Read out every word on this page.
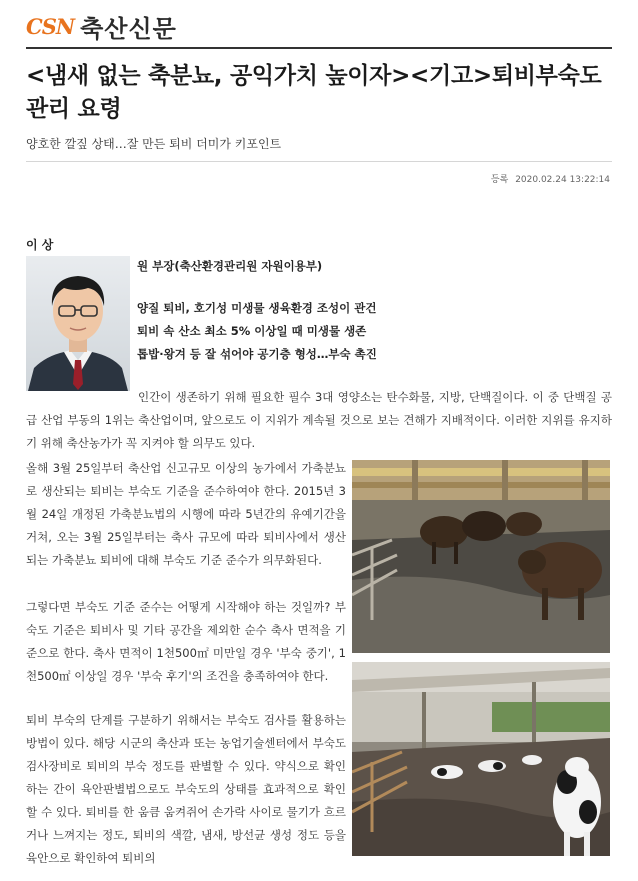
CSN 축산신문
<냄새 없는 축분뇨, 공익가치 높이자><기고>퇴비부숙도 관리 요령
양호한 깔짚 상태…잘 만든 퇴비 더미가 키포인트
등록 2020.02.24 13:22:14
이 상
원 부장(축산환경관리원 자원이용부)
양질 퇴비, 호기성 미생물 생육환경 조성이 관건
퇴비 속 산소 최소 5% 이상일 때 미생물 생존
톱밥·왕겨 등 잘 섞어야 공기층 형성…부숙 촉진

인간이 생존하기 위해 필요한 필수 3대 영양소는 탄수화물, 지방, 단백질이다. 이 중 단백질 공급 산업 부동의 1위는 축산업이며, 앞으로도 이 지위가 계속될 것으로 보는 견해가 지배적이다. 이러한 지위를 유지하기 위해 축산농가가 꼭 지켜야 할 의무도 있다.

올해 3월 25일부터 축산업 신고규모 이상의 농가에서 가축분뇨로 생산되는 퇴비는 부숙도 기준을 준수하여야 한다. 2015년 3월 24일 개정된 가축분뇨법의 시행에 따라 5년간의 유예기간을 거쳐, 오는 3월 25일부터는 축사 규모에 따라 퇴비사에서 생산되는 가축분뇨 퇴비에 대해 부숙도 기준 준수가 의무화된다.

그렇다면 부숙도 기준 준수는 어떻게 시작해야 하는 것일까? 부숙도 기준은 퇴비사 및 기타 공간을 제외한 순수 축사 면적을 기준으로 한다. 축사 면적이 1천500㎡ 미만일 경우 '부숙 중기', 1천500㎡ 이상일 경우 '부숙 후기'의 조건을 충족하여야 한다.

퇴비 부숙의 단계를 구분하기 위해서는 부숙도 검사를 활용하는 방법이 있다. 해당 시군의 축산과 또는 농업기술센터에서 부숙도 검사장비로 퇴비의 부숙 정도를 판별할 수 있다. 약식으로 확인하는 간이 육안판별법으로도 부숙도의 상태를 효과적으로 확인할 수 있다. 퇴비를 한 움큼 움켜쥐어 손가락 사이로 물기가 흐르거나 느껴지는 정도, 퇴비의 색깔, 냄새, 방선균 생성 정도 등을 육안으로 확인하여 퇴비의
